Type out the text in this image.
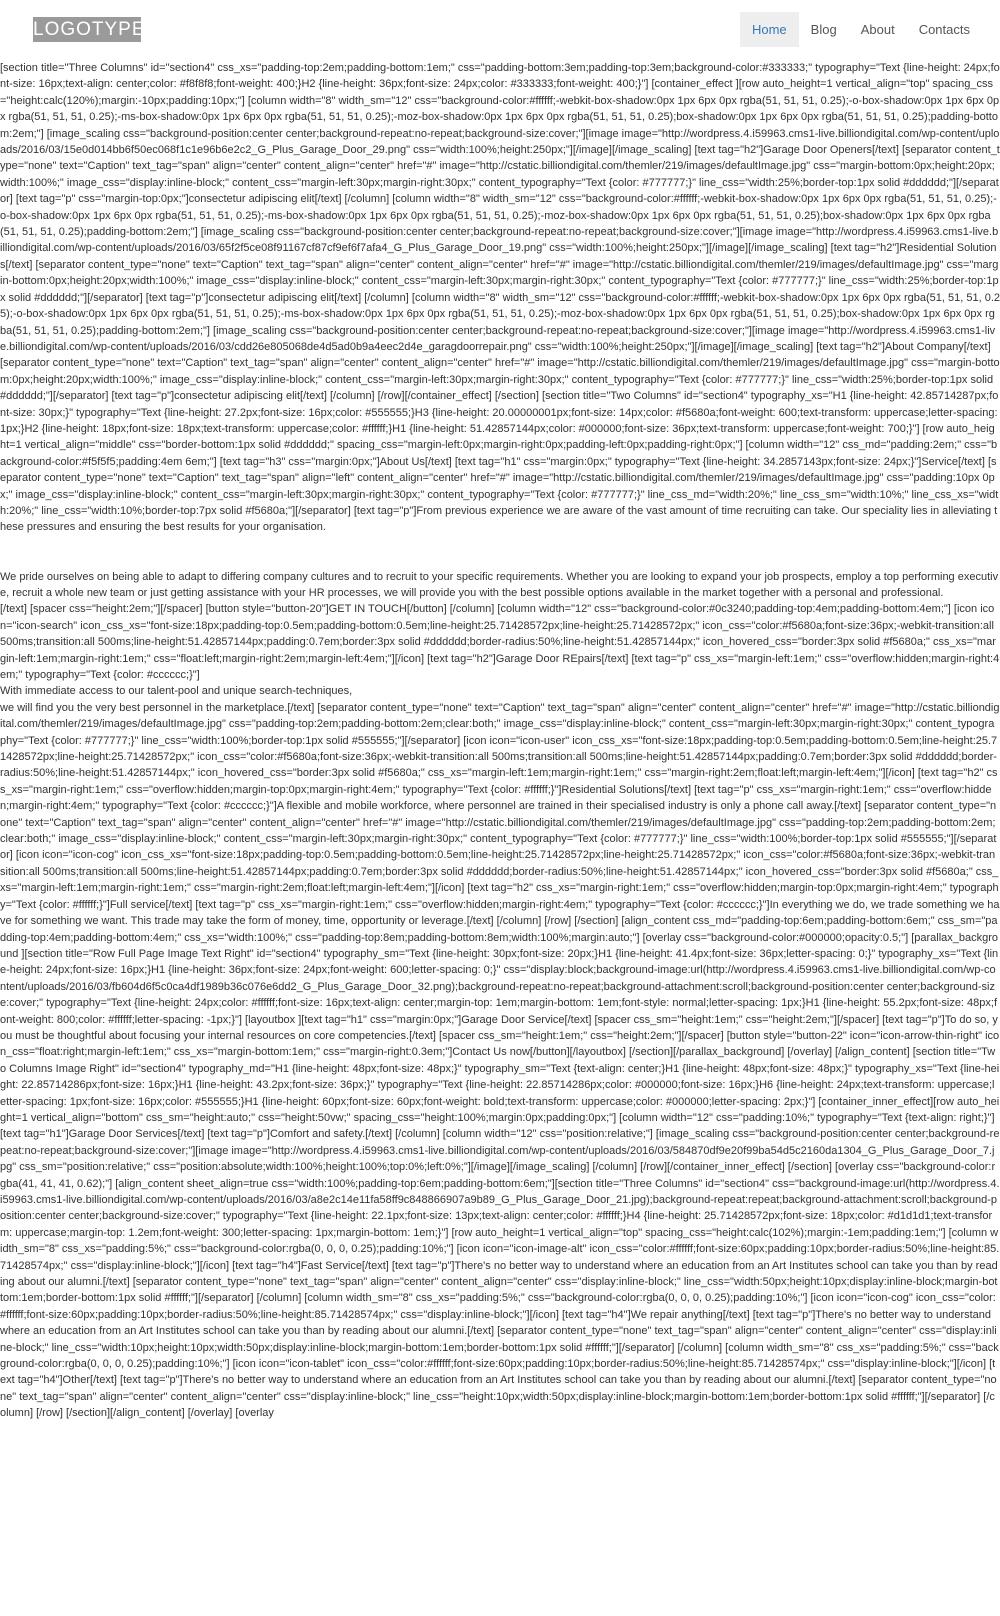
LOGOTYPE	Home	Blog	About	Contacts

[section title="Three Columns" id="section4" css_xs="padding-top:2em;padding-bottom:1em;" css="padding-bottom:3em;padding-top:3em;background-color:#333333;" typography="Text {line-height: 24px;font-size: 16px;text-align: center;color: #f8f8f8;font-weight: 400;}H2 {line-height: 36px;font-size: 24px;color: #333333;font-weight: 400;}"] [container_effect ][row auto_height=1 vertical_align="top" spacing_css="height:calc(120%);margin:-10px;padding:10px;"] [column width="8" width_sm="12" css="background-color:#ffffff;-webkit-box-shadow:0px 1px 6px 0px rgba(51, 51, 51, 0.25);-o-box-shadow:0px 1px 6px 0px rgba(51, 51, 51, 0.25);-ms-box-shadow:0px 1px 6px 0px rgba(51, 51, 51, 0.25);-moz-box-shadow:0px 1px 6px 0px rgba(51, 51, 51, 0.25);box-shadow:0px 1px 6px 0px rgba(51, 51, 51, 0.25);padding-bottom:2em;"] [image_scaling css="background-position:center center;background-repeat:no-repeat;background-size:cover;"][image image="http://wordpress.4.i59963.cms1-live.billiondigital.com/wp-content/uploads/2016/03/15e0d014bb6f50ec068f1c1e96b6e2c2_G_Plus_Garage_Door_29.png" css="width:100%;height:250px;"][/image][/image_scaling] [text tag="h2"]Garage Door Openers[/text] [separator content_type="none" text="Caption" text_tag="span" align="center" content_align="center" href="#" image="http://cstatic.billiondigital.com/themler/219/images/defaultImage.jpg" css="margin-bottom:0px;height:20px;width:100%;" image_css="display:inline-block;" content_css="margin-left:30px;margin-right:30px;" content_typography="Text {color: #777777;}" line_css="width:25%;border-top:1px solid #dddddd;"][/separator] [text tag="p" css="margin-top:0px;"]consectetur adipiscing elit[/text] [/column] [column width="8" width_sm="12" css="background-color:#ffffff;-webkit-box-shadow:0px 1px 6px 0px rgba(51, 51, 51, 0.25);-o-box-shadow:0px 1px 6px 0px rgba(51, 51, 51, 0.25);-ms-box-shadow:0px 1px 6px 0px rgba(51, 51, 51, 0.25);-moz-box-shadow:0px 1px 6px 0px rgba(51, 51, 51, 0.25);box-shadow:0px 1px 6px 0px rgba(51, 51, 51, 0.25);padding-bottom:2em;"] [image_scaling css="background-position:center center;background-repeat:no-repeat;background-size:cover;"][image image="http://wordpress.4.i59963.cms1-live.billiondigital.com/wp-content/uploads/2016/03/65f2f5ce08f91167cf87cf9ef6f7afa4_G_Plus_Garage_Door_19.png" css="width:100%;height:250px;"][/image][/image_scaling] [text tag="h2"]Residential Solutions[/text] [separator content_type="none" text="Caption" text_tag="span" align="center" content_align="center" href="#" image="http://cstatic.billiondigital.com/themler/219/images/defaultImage.jpg" css="margin-bottom:0px;height:20px;width:100%;" image_css="display:inline-block;" content_css="margin-left:30px;margin-right:30px;" content_typography="Text {color: #777777;}" line_css="width:25%;border-top:1px solid #dddddd;"][/separator] [text tag="p"]consectetur adipiscing elit[/text] [/column] [column width="8" width_sm="12" css="background-color:#ffffff;-webkit-box-shadow:0px 1px 6px 0px rgba(51, 51, 51, 0.25);-o-box-shadow:0px 1px 6px 0px rgba(51, 51, 51, 0.25);-ms-box-shadow:0px 1px 6px 0px rgba(51, 51, 51, 0.25);-moz-box-shadow:0px 1px 6px 0px rgba(51, 51, 51, 0.25);box-shadow:0px 1px 6px 0px rgba(51, 51, 51, 0.25);padding-bottom:2em;"] [image_scaling css="background-position:center center;background-repeat:no-repeat;background-size:cover;"][image image="http://wordpress.4.i59963.cms1-live.billiondigital.com/wp-content/uploads/2016/03/cdd26e805068de4d5ad0b9a4eec2d4e_garagdoorrepair.png" css="width:100%;height:250px;"][/image][/image_scaling] [text tag="h2"]About Company[/text] [separator content_type="none" text="Caption" text_tag="span" align="center" content_align="center" href="#" image="http://cstatic.billiondigital.com/themler/219/images/defaultImage.jpg" css="margin-bottom:0px;height:20px;width:100%;" image_css="display:inline-block;" content_css="margin-left:30px;margin-right:30px;" content_typography="Text {color: #777777;}" line_css="width:25%;border-top:1px solid #dddddd;"][/separator] [text tag="p"]consectetur adipiscing elit[/text] [/column] [/row][/container_effect] [/section] [section title="Two Columns" id="section4" typography_xs="H1 {line-height: 42.85714287px;font-size: 30px;}" typography="Text {line-height: 27.2px;font-size: 16px;color: #555555;}H3 {line-height: 20.00000001px;font-size: 14px;color: #f5680a;font-weight: 600;text-transform: uppercase;letter-spacing: 1px;}H2 {line-height: 18px;font-size: 18px;text-transform: uppercase;color: #ffffff;}H1 {line-height: 51.42857144px;color: #000000;font-size: 36px;text-transform: uppercase;font-weight: 700;}"] [row auto_height=1 vertical_align="middle" css="border-bottom:1px solid #dddddd;" spacing_css="margin-left:0px;margin-right:0px;padding-left:0px;padding-right:0px;"] [column width="12" css_md="padding:2em;" css="background-color:#f5f5f5;padding:4em 6em;"] [text tag="h3" css="margin:0px;"]About Us[/text] [text tag="h1" css="margin:0px;" typography="Text {line-height: 34.2857143px;font-size: 24px;}"]Service[/text] [separator content_type="none" text="Caption" text_tag="span" align="left" content_align="center" href="#" image="http://cstatic.billiondigital.com/themler/219/images/defaultImage.jpg" css="padding:10px 0px;" image_css="display:inline-block;" content_css="margin-left:30px;margin-right:30px;" content_typography="Text {color: #777777;}" line_css_md="width:20%;" line_css_sm="width:10%;" line_css_xs="width:20%;" line_css="width:10%;border-top:7px solid #f5680a;"][/separator] [text tag="p"]From previous experience we are aware of the vast amount of time recruiting can take. Our speciality lies in alleviating these pressures and ensuring the best results for your organisation.

We pride ourselves on being able to adapt to differing company cultures and to recruit to your specific requirements. Whether you are looking to expand your job prospects, employ a top performing executive, recruit a whole new team or just getting assistance with your HR processes, we will provide you with the best possible options available in the market together with a personal and professional.

[/text] [spacer css="height:2em;"][/spacer] [button style="button-20"]GET IN TOUCH[/button] [/column] [column width="12" css="background-color:#0c3240;padding-top:4em;padding-bottom:4em;"] [icon icon="icon-search" icon_css_xs="font-size:18px;padding-top:0.5em;padding-bottom:0.5em;line-height:25.71428572px;line-height:25.71428572px;" icon_css="color:#f5680a;font-size:36px;-webkit-transition:all 500ms;transition:all 500ms;line-height:51.42857144px;padding:0.7em;border:3px solid #dddddd;border-radius:50%;line-height:51.42857144px;" icon_hovered_css="border:3px solid #f5680a;" css_xs="margin-left:1em;margin-right:1em;" css="float:left;margin-right:2em;margin-left:4em;"][/icon] [text tag="h2"]Garage Door REpairs[/text] [text tag="p" css_xs="margin-left:1em;" css="overflow:hidden;margin-right:4em;" typography="Text {color: #cccccc;}"]

With immediate access to our talent-pool and unique search-techniques,

we will find you the very best personnel in the marketplace.[/text] [separator content_type="none" text="Caption" text_tag="span" align="center" content_align="center" href="#" image="http://cstatic.billiondigital.com/themler/219/images/defaultImage.jpg" css="padding-top:2em;padding-bottom:2em;clear:both;" image_css="display:inline-block;" content_css="margin-left:30px;margin-right:30px;" content_typography="Text {color: #777777;}" line_css="width:100%;border-top:1px solid #555555;"][/separator] [icon icon="icon-user" icon_css_xs="font-size:18px;padding-top:0.5em;padding-bottom:0.5em;line-height:25.71428572px;line-height:25.71428572px;" icon_css="color:#f5680a;font-size:36px;-webkit-transition:all 500ms;transition:all 500ms;line-height:51.42857144px;padding:0.7em;border:3px solid #dddddd;border-radius:50%;line-height:51.42857144px;" icon_hovered_css="border:3px solid #f5680a;" css_xs="margin-left:1em;margin-right:1em;" css="margin-right:2em;float:left;margin-left:4em;"][/icon] [text tag="h2" css_xs="margin-right:1em;" css="overflow:hidden;margin-top:0px;margin-right:4em;" typography="Text {color: #ffffff;}"]Residential Solutions[/text] [text tag="p" css_xs="margin-right:1em;" css="overflow:hidden;margin-right:4em;" typography="Text {color: #cccccc;}"]A flexible and mobile workforce, where personnel are trained in their specialised industry is only a phone call away.[/text] [separator content_type="none" text="Caption" text_tag="span" align="center" content_align="center" href="#" image="http://cstatic.billiondigital.com/themler/219/images/defaultImage.jpg" css="padding-top:2em;padding-bottom:2em;clear:both;" image_css="display:inline-block;" content_css="margin-left:30px;margin-right:30px;" content_typography="Text {color: #777777;}" line_css="width:100%;border-top:1px solid #555555;"][/separator] [icon icon="icon-cog" icon_css_xs="font-size:18px;padding-top:0.5em;padding-bottom:0.5em;line-height:25.71428572px;line-height:25.71428572px;" icon_css="color:#f5680a;font-size:36px;-webkit-transition:all 500ms;transition:all 500ms;line-height:51.42857144px;padding:0.7em;border:3px solid #dddddd;border-radius:50%;line-height:51.42857144px;" icon_hovered_css="border:3px solid #f5680a;" css_xs="margin-left:1em;margin-right:1em;" css="margin-right:2em;float:left;margin-left:4em;"][/icon] [text tag="h2" css_xs="margin-right:1em;" css="overflow:hidden;margin-top:0px;margin-right:4em;" typography="Text {color: #ffffff;}"]Full service[/text] [text tag="p" css_xs="margin-right:1em;" css="overflow:hidden;margin-right:4em;" typography="Text {color: #cccccc;}"]In everything we do, we trade something we have for something we want. This trade may take the form of money, time, opportunity or leverage.[/text] [/column] [/row] [/section] [align_content css_md="padding-top:6em;padding-bottom:6em;" css_sm="padding-top:4em;padding-bottom:4em;" css_xs="width:100%;" css="padding-top:8em;padding-bottom:8em;width:100%;margin:auto;"] [overlay css="background-color:#000000;opacity:0.5;"] [parallax_background ][section title="Row Full Page Image Text Right" id="section4" typography_sm="Text {line-height: 30px;font-size: 20px;}H1 {line-height: 41.4px;font-size: 36px;letter-spacing: 0;}" typography_xs="Text {line-height: 24px;font-size: 16px;}H1 {line-height: 36px;font-size: 24px;font-weight: 600;letter-spacing: 0;}" css="display:block;background-image:url(http://wordpress.4.i59963.cms1-live.billiondigital.com/wp-content/uploads/2016/03/fb604d6f5c0ca4df1989b36c076e6dd2_G_Plus_Garage_Door_32.png);background-repeat:no-repeat;background-attachment:scroll;background-position:center center;background-size:cover;" typography="Text {line-height: 24px;color: #ffffff;font-size: 16px;text-align: center;margin-top: 1em;margin-bottom: 1em;font-style: normal;letter-spacing: 1px;}H1 {line-height: 55.2px;font-size: 48px;font-weight: 800;color: #ffffff;letter-spacing: -1px;}"] [layoutbox ][text tag="h1" css="margin:0px;"]Garage Door Service[/text] [spacer css_sm="height:1em;" css="height:2em;"][/spacer] [text tag="p"]To do so, you must be thoughtful about focusing your internal resources on core competencies.[/text] [spacer css_sm="height:1em;" css="height:2em;"][/spacer] [button style="button-22" icon="icon-arrow-thin-right" icon_css="float:right;margin-left:1em;" css_xs="margin-bottom:1em;" css="margin-right:0.3em;"]Contact Us now[/button][/layoutbox] [/section][/parallax_background] [/overlay] [/align_content] [section title="Two Columns Image Right" id="section4" typography_md="H1 {line-height: 48px;font-size: 48px;}" typography_sm="Text {text-align: center;}H1 {line-height: 48px;font-size: 48px;}" typography_xs="Text {line-height: 22.85714286px;font-size: 16px;}H1 {line-height: 43.2px;font-size: 36px;}" typography="Text {line-height: 22.85714286px;color: #000000;font-size: 16px;}H6 {line-height: 24px;text-transform: uppercase;letter-spacing: 1px;font-size: 16px;color: #555555;}H1 {line-height: 60px;font-size: 60px;font-weight: bold;text-transform: uppercase;color: #000000;letter-spacing: 2px;}"] [container_inner_effect][row auto_height=1 vertical_align="bottom" css_sm="height:auto;" css="height:50vw;" spacing_css="height:100%;margin:0px;padding:0px;"] [column width="12" css="padding:10%;" typography="Text {text-align: right;}"] [text tag="h1"]Garage Door Services[/text] [text tag="p"]Comfort and safety.[/text] [/column] [column width="12" css="position:relative;"] [image_scaling css="background-position:center center;background-repeat:no-repeat;background-size:cover;"][image image="http://wordpress.4.i59963.cms1-live.billiondigital.com/wp-content/uploads/2016/03/584870df9e20f99ba54d5c2160da1304_G_Plus_Garage_Door_7.jpg" css_sm="position:relative;" css="position:absolute;width:100%;height:100%;top:0%;left:0%;"][/image][/image_scaling] [/column] [/row][/container_inner_effect] [/section] [overlay css="background-color:rgba(41, 41, 41, 0.62);"] [align_content sheet_align=true css="width:100%;padding-top:6em;padding-bottom:6em;"][section title="Three Columns" id="section4" css="background-image:url(http://wordpress.4.i59963.cms1-live.billiondigital.com/wp-content/uploads/2016/03/a8e2c14e11fa58ff9c848866907a9b89_G_Plus_Garage_Door_21.jpg);background-repeat:repeat;background-attachment:scroll;background-position:center center;background-size:cover;" typography="Text {line-height: 22.1px;font-size: 13px;text-align: center;color: #ffffff;}H4 {line-height: 25.71428572px;font-size: 18px;color: #d1d1d1;text-transform: uppercase;margin-top: 1.2em;font-weight: 300;letter-spacing: 1px;margin-bottom: 1em;}"] [row auto_height=1 vertical_align="top" spacing_css="height:calc(102%);margin:-1em;padding:1em;"] [column width_sm="8" css_xs="padding:5%;" css="background-color:rgba(0, 0, 0, 0.25);padding:10%;"] [icon icon="icon-image-alt" icon_css="color:#ffffff;font-size:60px;padding:10px;border-radius:50%;line-height:85.71428574px;" css="display:inline-block;"][/icon] [text tag="h4"]Fast Service[/text] [text tag="p"]There's no better way to understand where an education from an Art Institutes school can take you than by reading about our alumni.[/text] [separator content_type="none" text_tag="span" align="center" content_align="center" css="display:inline-block;" line_css="width:50px;height:10px;display:inline-block;margin-bottom:1em;border-bottom:1px solid #ffffff;"][/separator] [/column] [column width_sm="8" css_xs="padding:5%;" css="background-color:rgba(0, 0, 0, 0.25);padding:10%;"] [icon icon="icon-cog" icon_css="color:#ffffff;font-size:60px;padding:10px;border-radius:50%;line-height:85.71428574px;" css="display:inline-block;"][/icon] [text tag="h4"]We repair anything[/text] [text tag="p"]There's no better way to understand where an education from an Art Institutes school can take you than by reading about our alumni.[/text] [separator content_type="none" text_tag="span" align="center" content_align="center" css="display:inline-block;" line_css="width:10px;height:10px;width:50px;display:inline-block;margin-bottom:1em;border-bottom:1px solid #ffffff;"][/separator] [/column] [column width_sm="8" css_xs="padding:5%;" css="background-color:rgba(0, 0, 0, 0.25);padding:10%;"] [icon icon="icon-tablet" icon_css="color:#ffffff;font-size:60px;padding:10px;border-radius:50%;line-height:85.71428574px;" css="display:inline-block;"][/icon] [text tag="h4"]Other[/text] [text tag="p"]There's no better way to understand where an education from an Art Institutes school can take you than by reading about our alumni.[/text] [separator content_type="none" text_tag="span" align="center" content_align="center" css="display:inline-block;" line_css="height:10px;width:50px;display:inline-block;margin-bottom:1em;border-bottom:1px solid #ffffff;"][/separator] [/column] [/row] [/section][/align_content] [/overlay] [overlay
